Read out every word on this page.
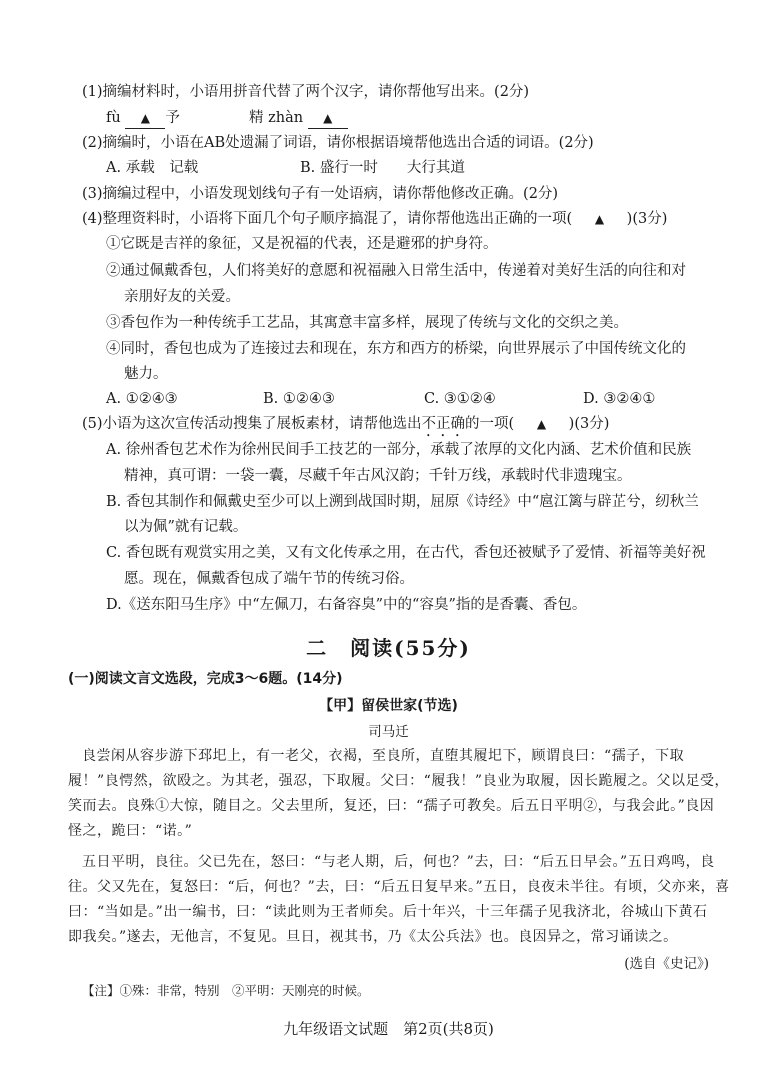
(1)摘编材料时，小语用拼音代替了两个汉字，请你帮他写出来。(2分)
fù ▲ 予	精 zhàn ▲
(2)摘编时，小语在AB处遗漏了词语，请你根据语境帮他选出合适的词语。(2分)
A. 承载　记载	B. 盛行一时　　大行其道
(3)摘编过程中，小语发现划线句子有一处语病，请你帮他修改正确。(2分)
(4)整理资料时，小语将下面几个句子顺序搞混了，请你帮他选出正确的一项( ▲ )(3分)
①它既是吉祥的象征，又是祝福的代表，还是避邪的护身符。
②通过佩戴香包，人们将美好的意愿和祝福融入日常生活中，传递着对美好生活的向往和对
亲朋好友的关爱。
③香包作为一种传统手工艺品，其寓意丰富多样，展现了传统与文化的交织之美。
④同时，香包也成为了连接过去和现在，东方和西方的桥梁，向世界展示了中国传统文化的
魅力。
A. ①②④③	B. ①②④③	C. ③①②④	D. ③②④①
(5)小语为这次宣传活动搜集了展板素材，请帮他选出不正确的一项( ▲ )(3分)
A. 徐州香包艺术作为徐州民间手工技艺的一部分，承载了浓厚的文化内涵、艺术价值和民族
精神，真可谓：一袋一囊，尽藏千年古风汉韵；千针万线，承载时代非遗瑰宝。
B. 香包其制作和佩戴史至少可以上溯到战国时期，屈原《诗经》中“扈江篱与辟芷兮，纫秋兰
以为佩”就有记载。
C. 香包既有观赏实用之美，又有文化传承之用，在古代，香包还被赋予了爱情、祈福等美好祝
愿。现在，佩戴香包成了端午节的传统习俗。
D.《送东阳马生序》中“左佩刀，右备容臭”中的“容臭”指的是香囊、香包。
二　阅读(55分)
(一)阅读文言文选段，完成3～6题。(14分)
【甲】留侯世家(节选)
司马迁
良尝闲从容步游下邳圯上，有一老父，衣褐，至良所，直堕其履圯下，顾谓良曰：“孺子，下取
履！”良愕然，欲殴之。为其老，强忍，下取履。父曰：“履我！”良业为取履，因长跪履之。父以足受，
笑而去。良殊①大惊，随目之。父去里所，复还，曰：“孺子可教矣。后五日平明②，与我会此。”良因
怪之，跪曰：“诺。”
五日平明，良往。父已先在，怒曰：“与老人期，后，何也？”去，曰：“后五日早会。”五日鸡鸣，良
往。父又先在，复怒曰：“后，何也？”去，曰：“后五日复早来。”五日，良夜未半往。有顷，父亦来，喜
曰：“当如是。”出一编书，曰：“读此则为王者师矣。后十年兴，十三年孺子见我济北，谷城山下黄石
即我矣。”遂去，无他言，不复见。旦日，视其书，乃《太公兵法》也。良因异之，常习诵读之。
(选自《史记》)
【注】①殊：非常，特别　②平明：天刚亮的时候。
九年级语文试题　第2页(共8页)
